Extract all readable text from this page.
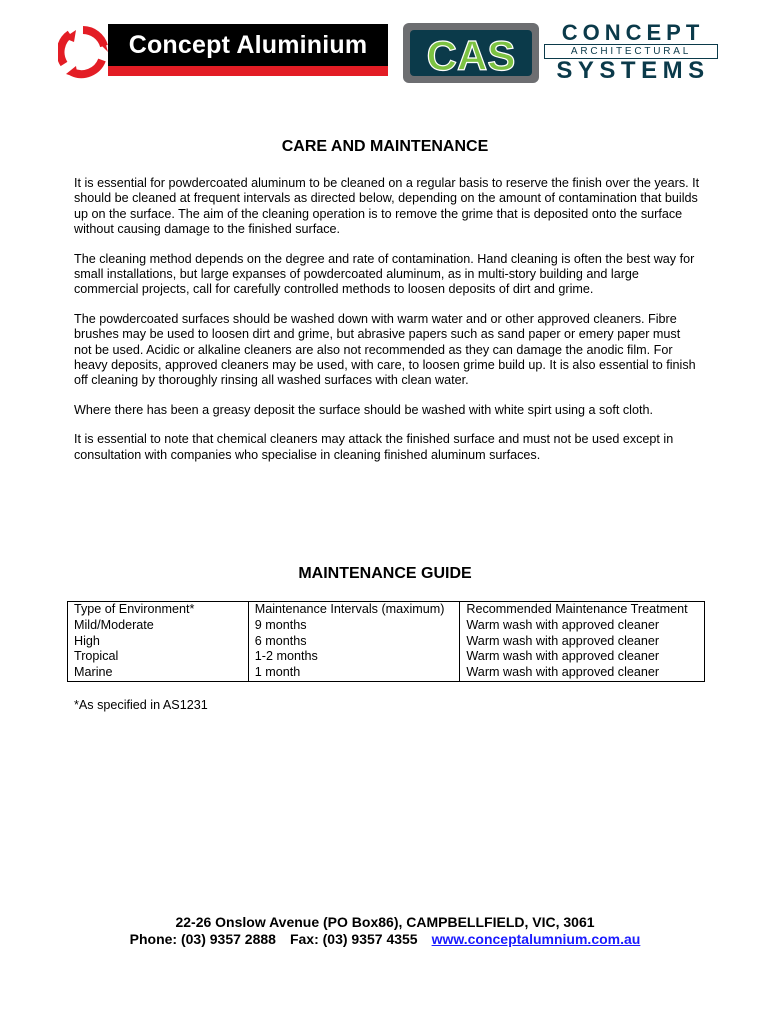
Concept Aluminium CAS	CONCEPT
ARCHITECTURAL
SYSTEMS
CARE AND MAINTENANCE

It is essential for powdercoated aluminum to be cleaned on a regular basis to reserve the finish over the years. It should be cleaned at frequent intervals as directed below, depending on the amount of contamination that builds up on the surface. The aim of the cleaning operation is to remove the grime that is deposited onto the surface without causing damage to the finished surface.

The cleaning method depends on the degree and rate of contamination. Hand cleaning is often the best way for small installations, but large expanses of powdercoated aluminum, as in multi-story building and large commercial projects, call for carefully controlled methods to loosen deposits of dirt and grime.

The powdercoated surfaces should be washed down with warm water and or other approved cleaners. Fibre brushes may be used to loosen dirt and grime, but abrasive papers such as sand paper or emery paper must not be used. Acidic or alkaline cleaners are also not recommended as they can damage the anodic film. For heavy deposits, approved cleaners may be used, with care, to loosen grime build up. It is also essential to finish off cleaning by thoroughly rinsing all washed surfaces with clean water.

Where there has been a greasy deposit the surface should be washed with white spirt using a soft cloth.

It is essential to note that chemical cleaners may attack the finished surface and must not be used except in consultation with companies who specialise in cleaning finished aluminum surfaces.

MAINTENANCE GUIDE
Type of Environment*	Maintenance Intervals (maximum)	Recommended Maintenance Treatment
Mild/Moderate	9 months	Warm wash with approved cleaner
High	6 months	Warm wash with approved cleaner
Tropical	1-2 months	Warm wash with approved cleaner
Marine	1 month	Warm wash with approved cleaner
*As specified in AS1231
22-26 Onslow Avenue (PO Box86), CAMPBELLFIELD, VIC, 3061
Phone: (03) 9357 2888 Fax: (03) 9357 4355 www.conceptalumnium.com.au
